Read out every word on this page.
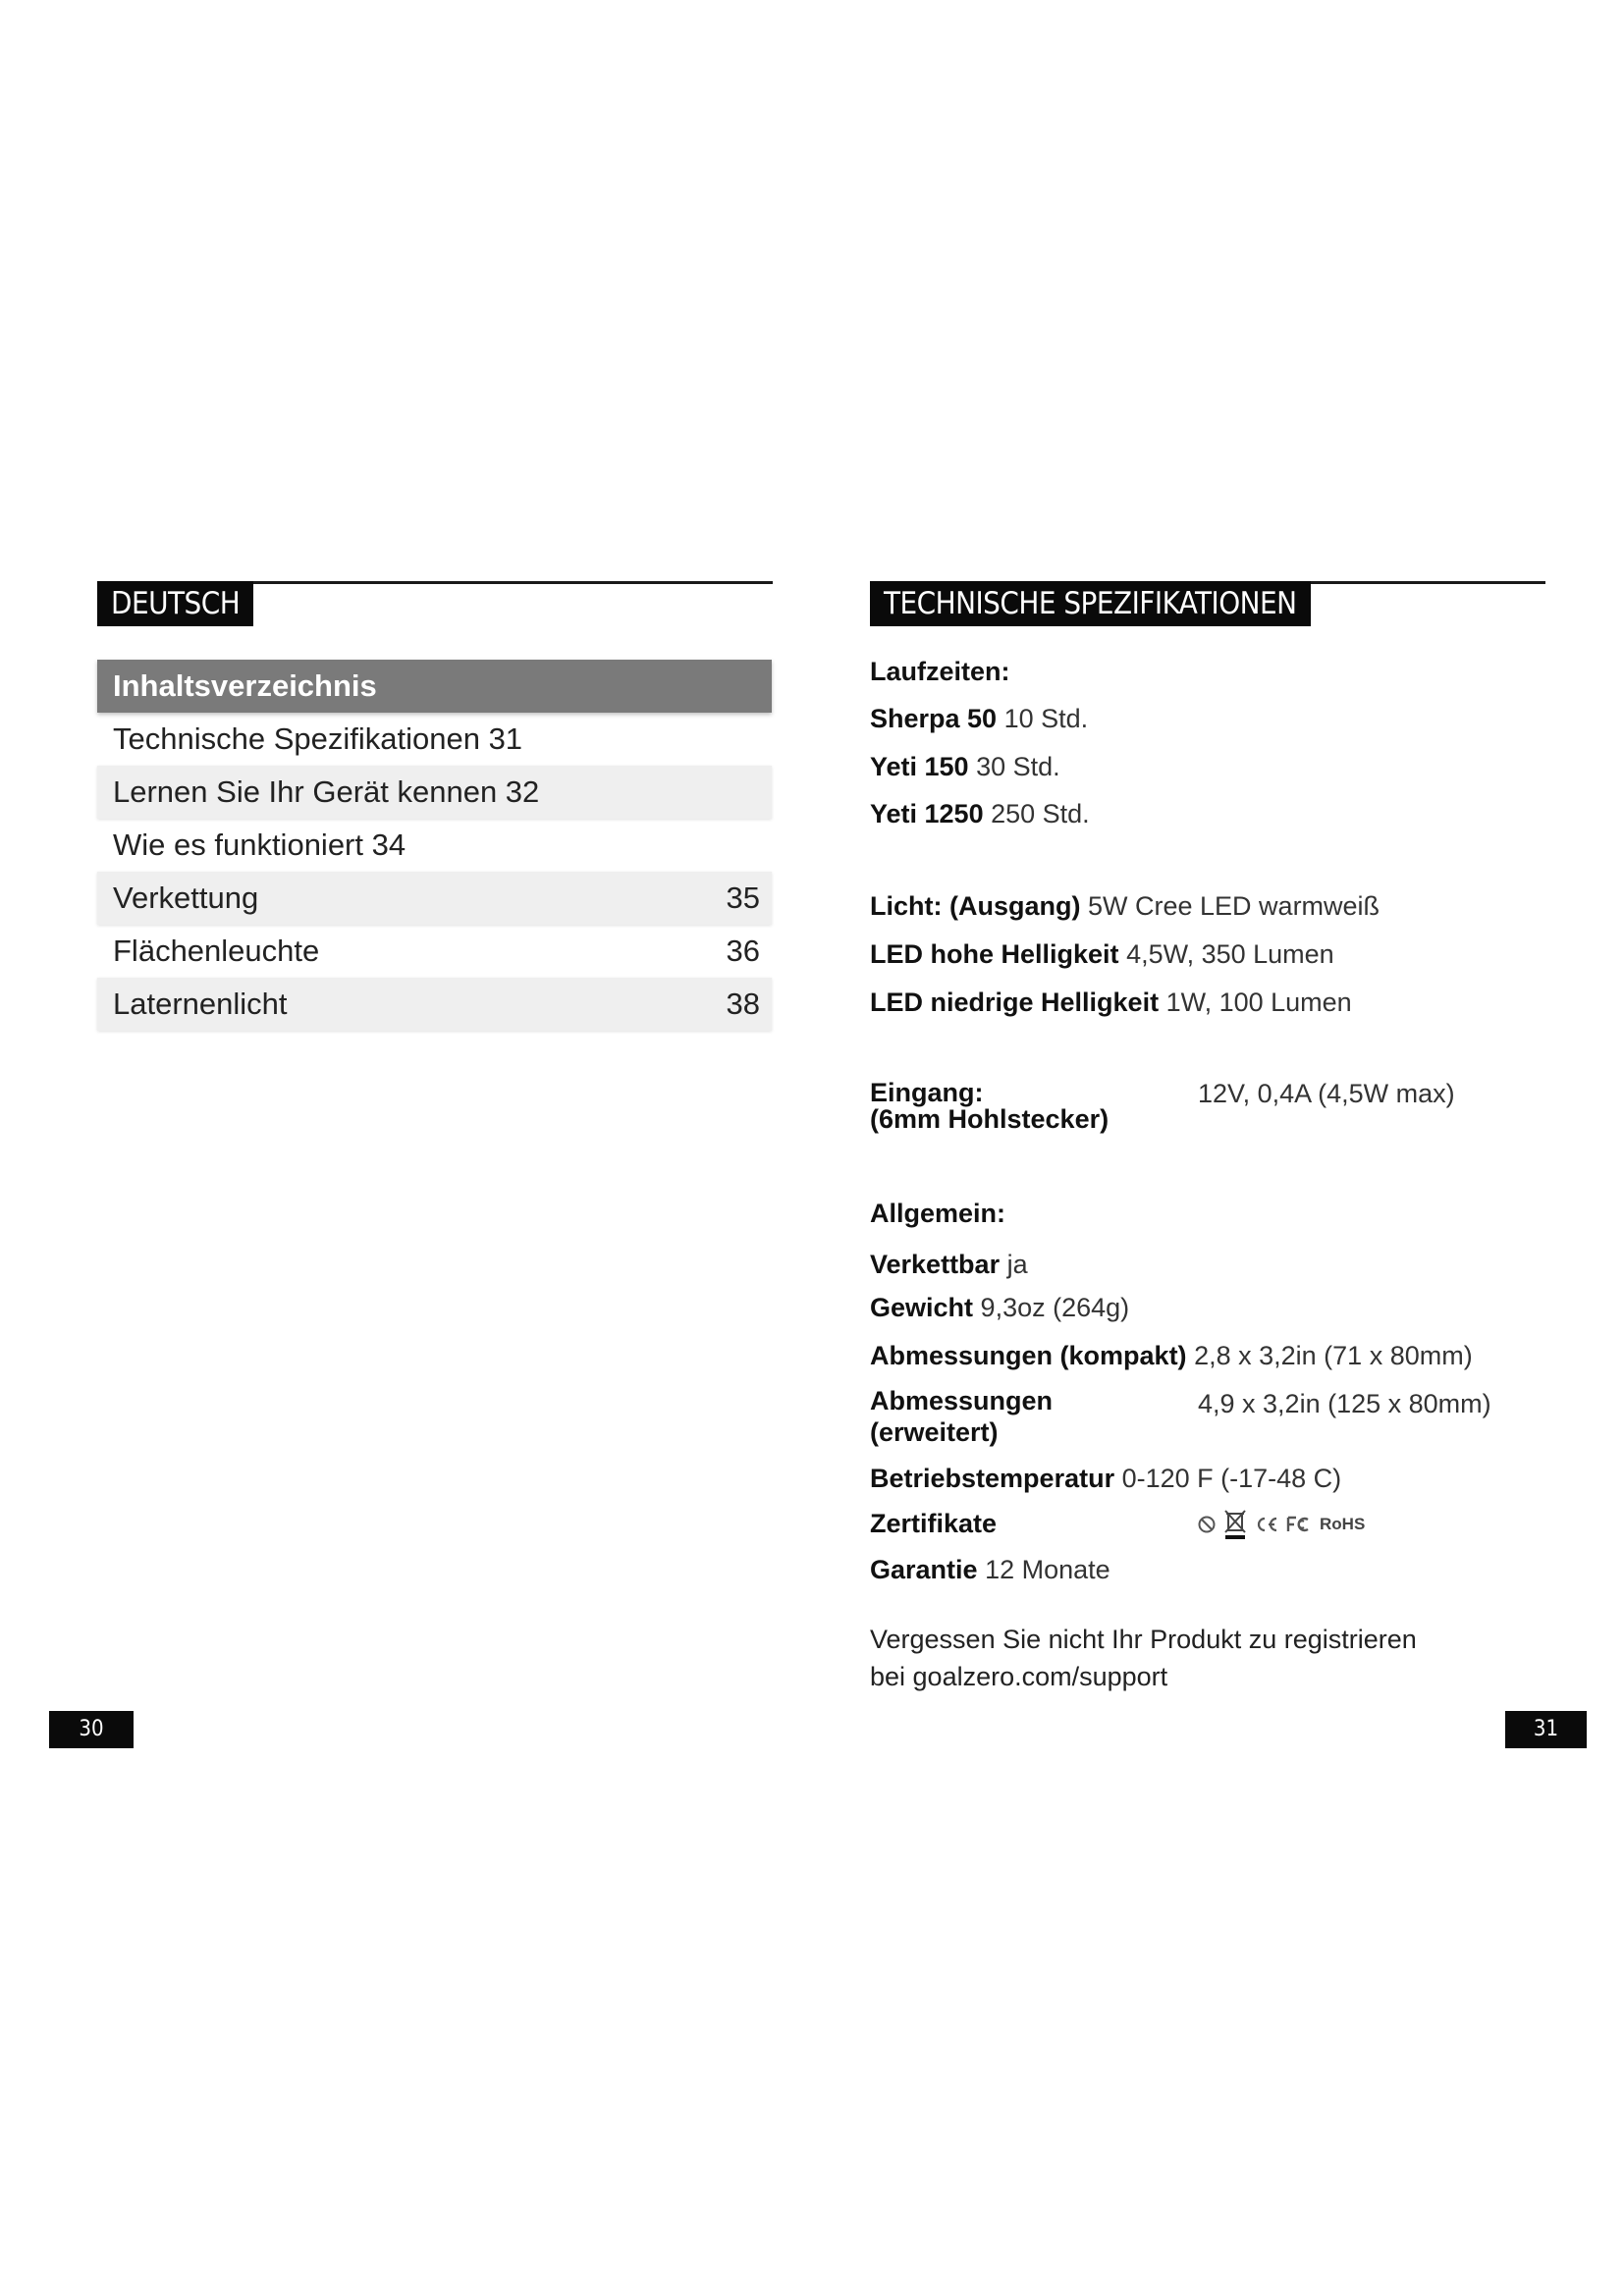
DEUTSCH
Inhaltsverzeichnis
Technische Spezifikationen 31
Lernen Sie Ihr Gerät kennen 32
Wie es funktioniert 34
Verkettung	35
Flächenleuchte	36
Laternenlicht	38
30
TECHNISCHE SPEZIFIKATIONEN
Laufzeiten:
Sherpa 50 10 Std.
Yeti 150 30 Std.
Yeti 1250 250 Std.
Licht: (Ausgang) 5W Cree LED warmweiß
LED hohe Helligkeit 4,5W, 350 Lumen
LED niedrige Helligkeit 1W, 100 Lumen
Eingang:
(6mm Hohlstecker)
12V, 0,4A (4,5W max)
Allgemein:
Verkettbar ja
Gewicht 9,3oz (264g)
Abmessungen (kompakt) 2,8 x 3,2in (71 x 80mm)
Abmessungen
(erweitert)
4,9 x 3,2in (125 x 80mm)
Betriebstemperatur 0-120 F (-17-48 C)
Zertifikate	RoHS
Garantie 12 Monate
Vergessen Sie nicht Ihr Produkt zu registrieren
bei goalzero.com/support
31
